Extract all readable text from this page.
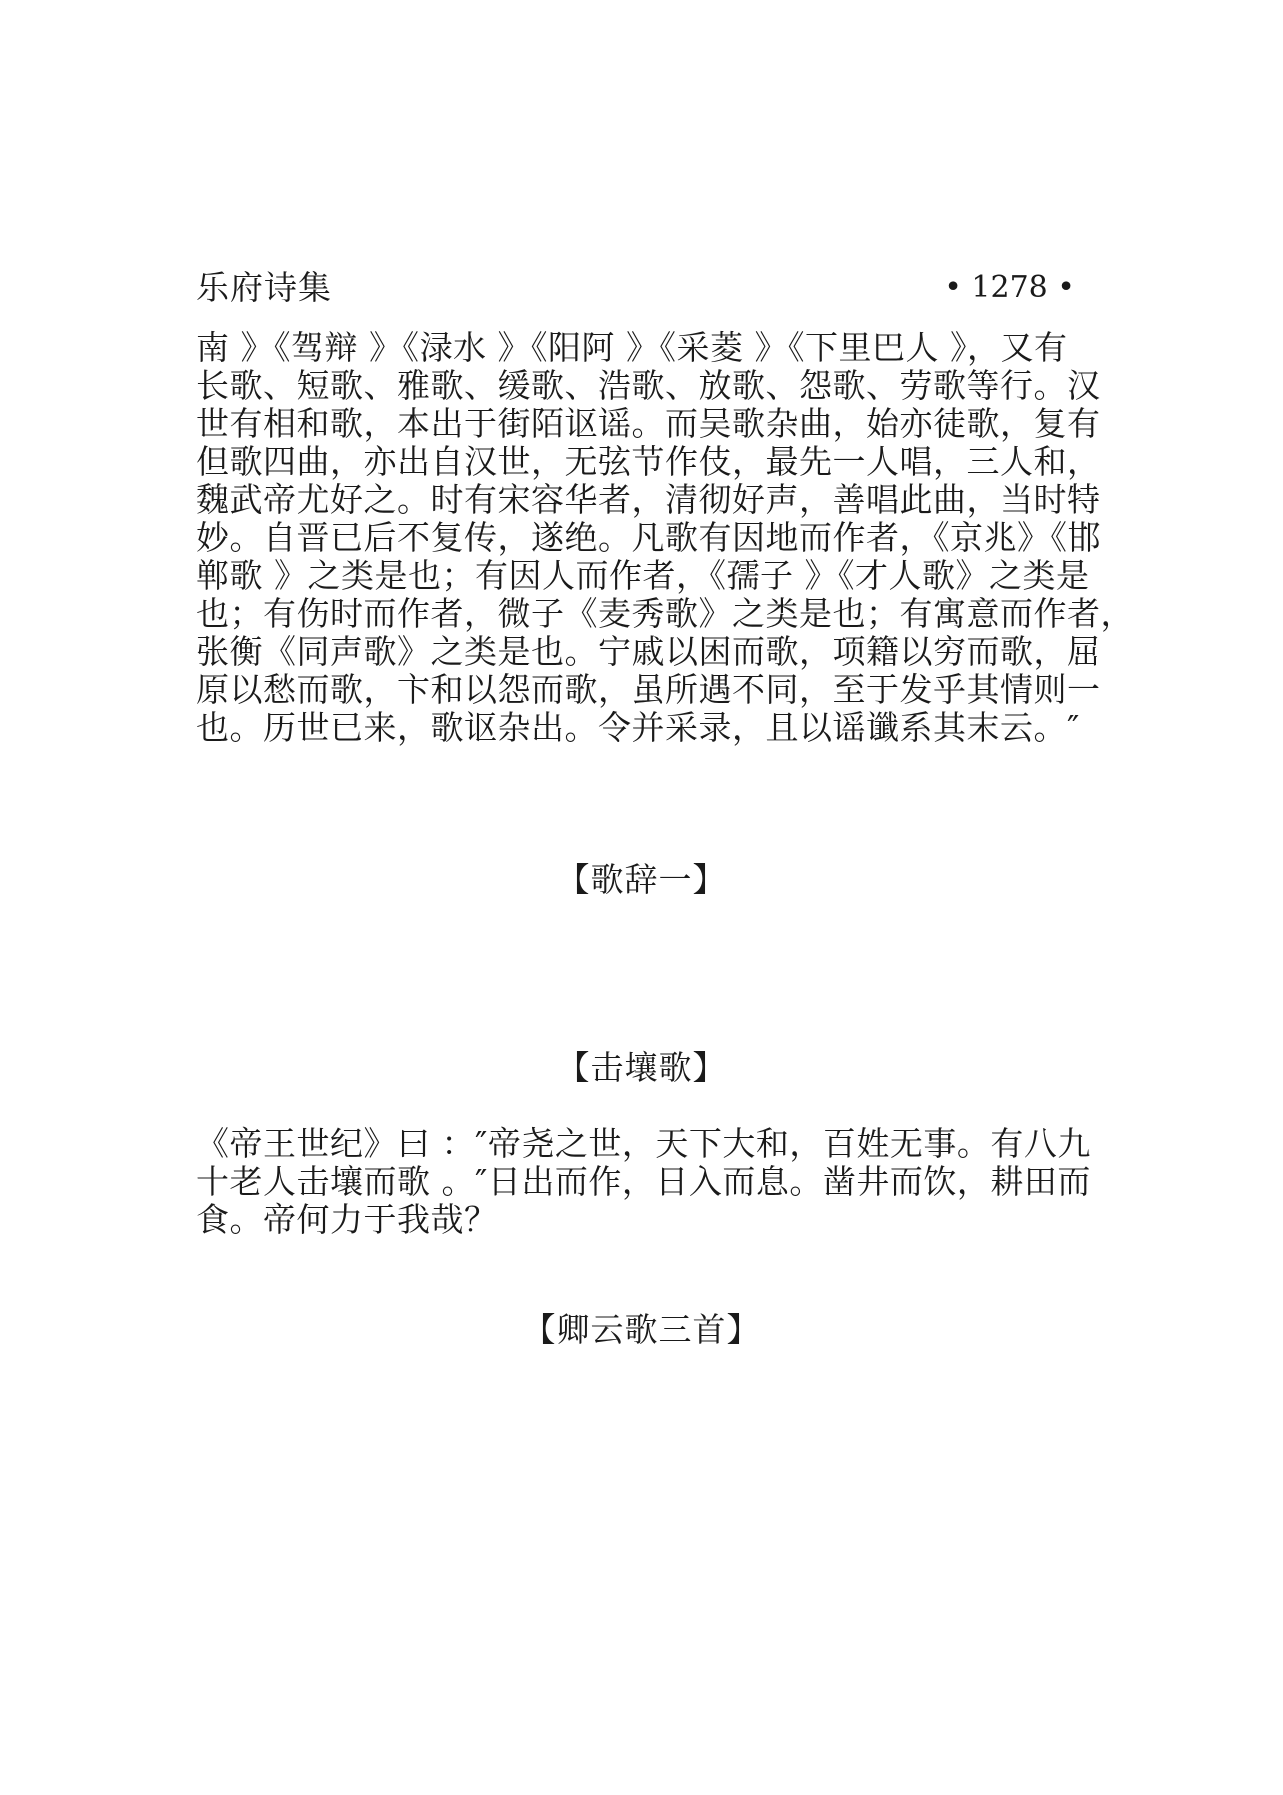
乐府诗集	• 1278 •
南 》《驾辩 》《渌水 》《阳阿 》《采菱 》《下里巴人 》，又有
长歌、短歌、雅歌、缓歌、浩歌、放歌、怨歌、劳歌等行。汉
世有相和歌，本出于街陌讴谣。而吴歌杂曲，始亦徒歌，复有
但歌四曲，亦出自汉世，无弦节作伎，最先一人唱，三人和，
魏武帝尤好之。时有宋容华者，清彻好声，善唱此曲，当时特
妙。自晋已后不复传，遂绝。凡歌有因地而作者，《京兆》《邯
郸歌 》之类是也；有因人而作者，《孺子 》《才人歌》之类是
也；有伤时而作者，微子《麦秀歌》之类是也；有寓意而作者，
张衡《同声歌》之类是也。宁戚以困而歌，项籍以穷而歌，屈
原以愁而歌，卞和以怨而歌，虽所遇不同，至于发乎其情则一
也。历世已来，歌讴杂出。令并采录，且以谣谶系其末云。″
【歌辞一】
【击壤歌】
《帝王世纪》曰 ：″帝尧之世，天下大和，百姓无事。有八九
十老人击壤而歌 。″日出而作，日入而息。凿井而饮，耕田而
食。帝何力于我哉？
【卿云歌三首】
